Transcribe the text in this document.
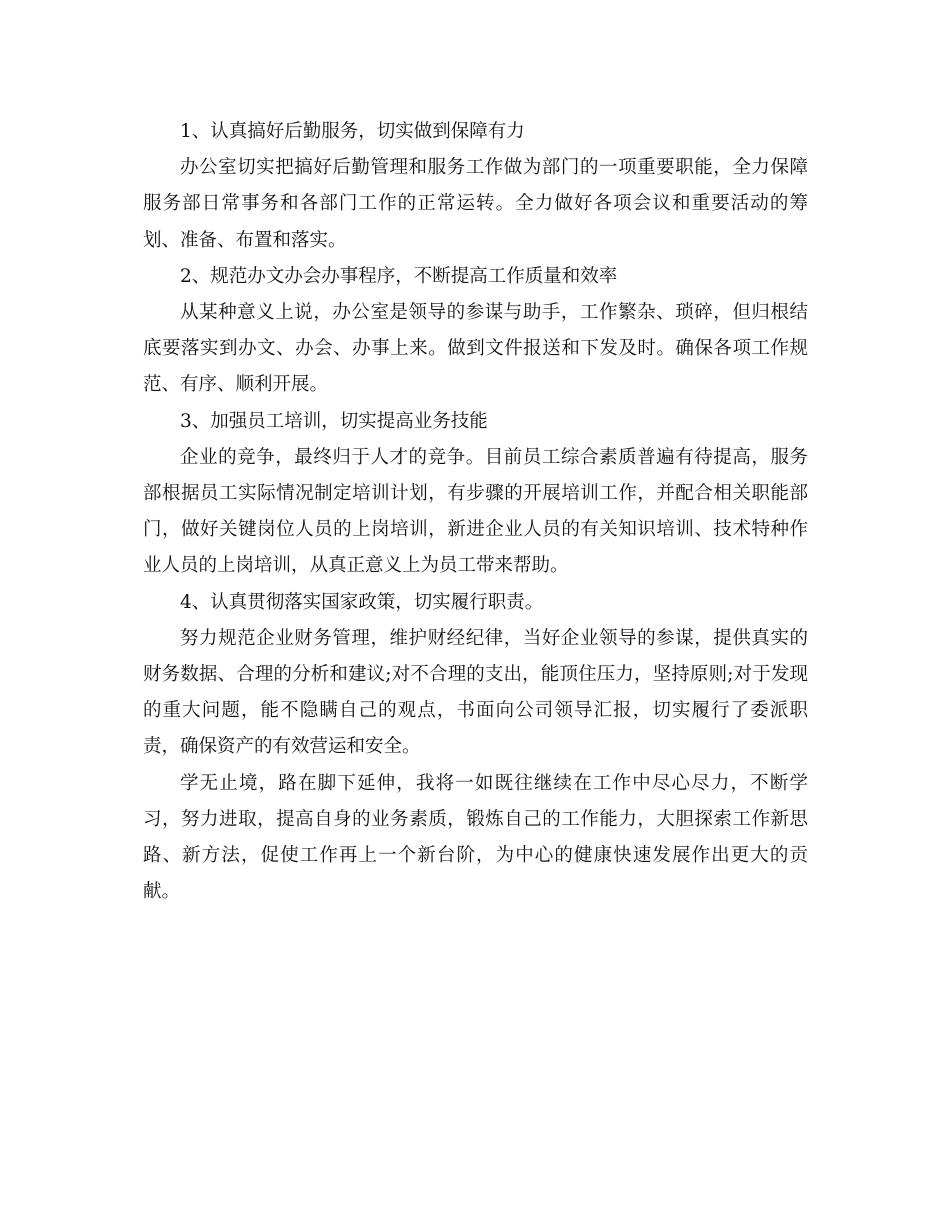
1、认真搞好后勤服务，切实做到保障有力

办公室切实把搞好后勤管理和服务工作做为部门的一项重要职能，全力保障服务部日常事务和各部门工作的正常运转。全力做好各项会议和重要活动的筹划、准备、布置和落实。

2、规范办文办会办事程序，不断提高工作质量和效率

从某种意义上说，办公室是领导的参谋与助手，工作繁杂、琐碎，但归根结底要落实到办文、办会、办事上来。做到文件报送和下发及时。确保各项工作规范、有序、顺利开展。

3、加强员工培训，切实提高业务技能

企业的竞争，最终归于人才的竞争。目前员工综合素质普遍有待提高，服务部根据员工实际情况制定培训计划，有步骤的开展培训工作，并配合相关职能部门，做好关键岗位人员的上岗培训，新进企业人员的有关知识培训、技术特种作业人员的上岗培训，从真正意义上为员工带来帮助。

4、认真贯彻落实国家政策，切实履行职责。

努力规范企业财务管理，维护财经纪律，当好企业领导的参谋，提供真实的财务数据、合理的分析和建议;对不合理的支出，能顶住压力，坚持原则;对于发现的重大问题，能不隐瞒自己的观点，书面向公司领导汇报，切实履行了委派职责，确保资产的有效营运和安全。

学无止境，路在脚下延伸，我将一如既往继续在工作中尽心尽力，不断学习，努力进取，提高自身的业务素质，锻炼自己的工作能力，大胆探索工作新思路、新方法，促使工作再上一个新台阶，为中心的健康快速发展作出更大的贡献。
